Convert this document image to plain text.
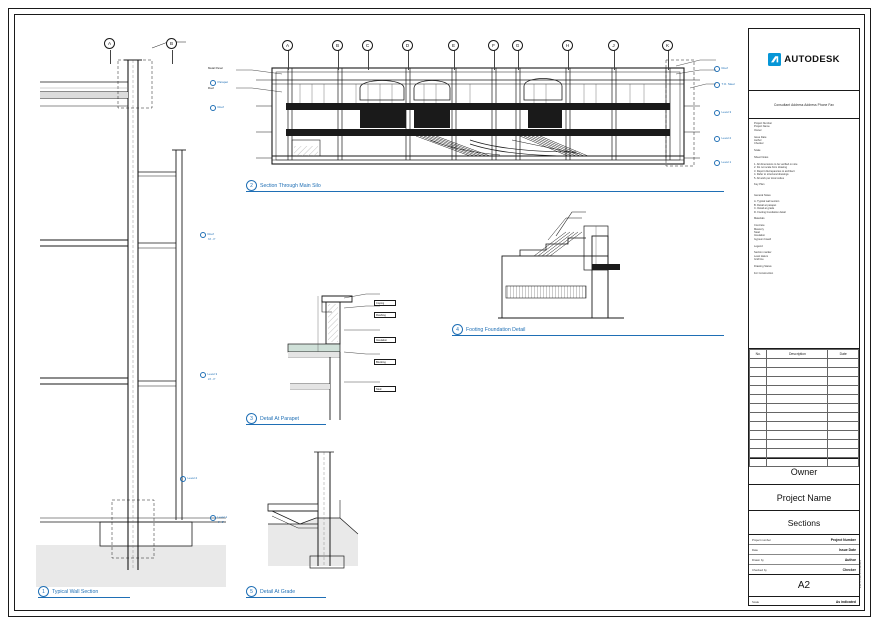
A	B	C	D	E	F	G	H	J	K
A	B
Roof
34' - 0"
Level 3
24' - 0"
Level 2
Level 1
0' - 0"
Parapet
Roof
Roof
T.O. Steel
Level 3
Level 2
Level 1
Metal Panel
Roof
Coping
Flashing
Insulation
Blocking
Stud
1	Typical Wall Section
2	Section Through Main Silo
3	Detail At Parapet
4	Footing Foundation Detail
5	Detail At Grade
AUTODESK
Consultant Address Address Phone Fax
Project Number
Project Name
Owner

Issue Date
Author
Checker

Scale

Sheet Notes

1. All dimensions to be verified on site
2. Do not scale from drawing
3. Report discrepancies to architect
4. Refer to structural drawings
5. All work per local codes

Key Plan

General Notes

A. Typical wall section
B. Detail at parapet
C. Detail at grade
D. Footing foundation detail

Materials

Concrete
Masonry
Steel
Insulation
Gypsum board

Legend

Section marker
Level datum
Grid line

Drawing Status

For Construction
No.	Description	Date

Owner
Project Name
Sections
Project number	Project Number
Date	Issue Date
Drawn by	Author
Checked by	Checker
A2
Scale	As indicated
6/7/2013 9:39:17 AM
